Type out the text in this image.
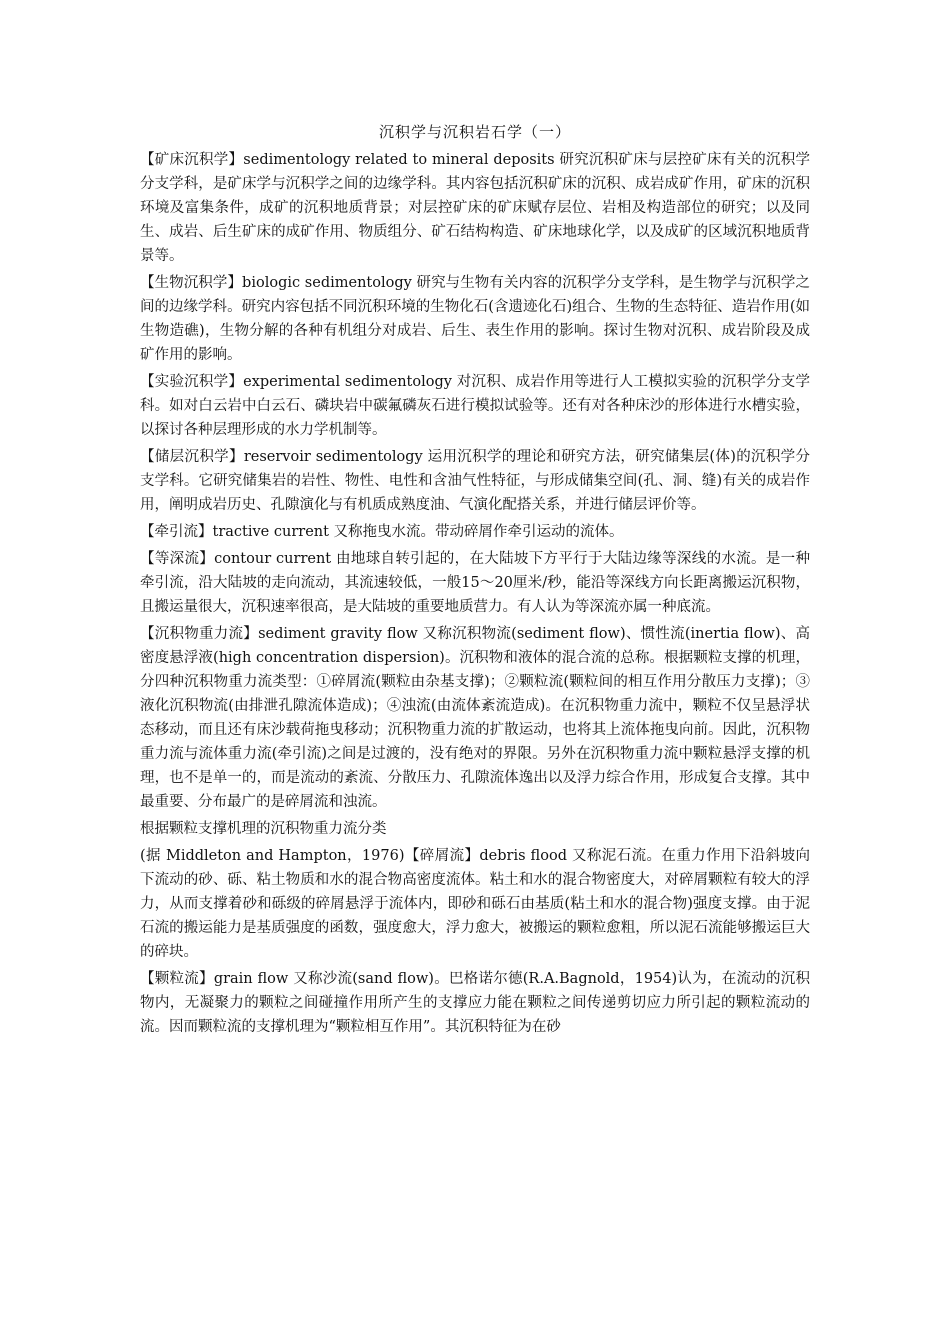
沉积学与沉积岩石学（一）

【矿床沉积学】sedimentology related to mineral deposits 研究沉积矿床与层控矿床有关的沉积学分支学科，是矿床学与沉积学之间的边缘学科。其内容包括沉积矿床的沉积、成岩成矿作用，矿床的沉积环境及富集条件，成矿的沉积地质背景；对层控矿床的矿床赋存层位、岩相及构造部位的研究；以及同生、成岩、后生矿床的成矿作用、物质组分、矿石结构构造、矿床地球化学，以及成矿的区域沉积地质背景等。

【生物沉积学】biologic sedimentology 研究与生物有关内容的沉积学分支学科，是生物学与沉积学之间的边缘学科。研究内容包括不同沉积环境的生物化石(含遗迹化石)组合、生物的生态特征、造岩作用(如生物造礁)，生物分解的各种有机组分对成岩、后生、表生作用的影响。探讨生物对沉积、成岩阶段及成矿作用的影响。

【实验沉积学】experimental sedimentology 对沉积、成岩作用等进行人工模拟实验的沉积学分支学科。如对白云岩中白云石、磷块岩中碳氟磷灰石进行模拟试验等。还有对各种床沙的形体进行水槽实验，以探讨各种层理形成的水力学机制等。

【储层沉积学】reservoir sedimentology 运用沉积学的理论和研究方法，研究储集层(体)的沉积学分支学科。它研究储集岩的岩性、物性、电性和含油气性特征，与形成储集空间(孔、洞、缝)有关的成岩作用，阐明成岩历史、孔隙演化与有机质成熟度油、气演化配搭关系，并进行储层评价等。

【牵引流】tractive current 又称拖曳水流。带动碎屑作牵引运动的流体。

【等深流】contour current 由地球自转引起的，在大陆坡下方平行于大陆边缘等深线的水流。是一种牵引流，沿大陆坡的走向流动，其流速较低，一般15～20厘米/秒，能沿等深线方向长距离搬运沉积物，且搬运量很大，沉积速率很高，是大陆坡的重要地质营力。有人认为等深流亦属一种底流。

【沉积物重力流】sediment gravity flow 又称沉积物流(sediment flow)、惯性流(inertia flow)、高密度悬浮液(high concentration dispersion)。沉积物和液体的混合流的总称。根据颗粒支撑的机理，分四种沉积物重力流类型：①碎屑流(颗粒由杂基支撑)；②颗粒流(颗粒间的相互作用分散压力支撑)；③液化沉积物流(由排泄孔隙流体造成)；④浊流(由流体紊流造成)。在沉积物重力流中，颗粒不仅呈悬浮状态移动，而且还有床沙载荷拖曳移动；沉积物重力流的扩散运动，也将其上流体拖曳向前。因此，沉积物重力流与流体重力流(牵引流)之间是过渡的，没有绝对的界限。另外在沉积物重力流中颗粒悬浮支撑的机理，也不是单一的，而是流动的紊流、分散压力、孔隙流体逸出以及浮力综合作用，形成复合支撑。其中最重要、分布最广的是碎屑流和浊流。

根据颗粒支撑机理的沉积物重力流分类

(据 Middleton and Hampton，1976)【碎屑流】debris flood 又称泥石流。在重力作用下沿斜坡向下流动的砂、砾、粘土物质和水的混合物高密度流体。粘土和水的混合物密度大，对碎屑颗粒有较大的浮力，从而支撑着砂和砾级的碎屑悬浮于流体内，即砂和砾石由基质(粘土和水的混合物)强度支撑。由于泥石流的搬运能力是基质强度的函数，强度愈大，浮力愈大，被搬运的颗粒愈粗，所以泥石流能够搬运巨大的碎块。

【颗粒流】grain flow 又称沙流(sand flow)。巴格诺尔德(R.A.Bagnold，1954)认为，在流动的沉积物内，无凝聚力的颗粒之间碰撞作用所产生的支撑应力能在颗粒之间传递剪切应力所引起的颗粒流动的流。因而颗粒流的支撑机理为“颗粒相互作用”。其沉积特征为在砂
